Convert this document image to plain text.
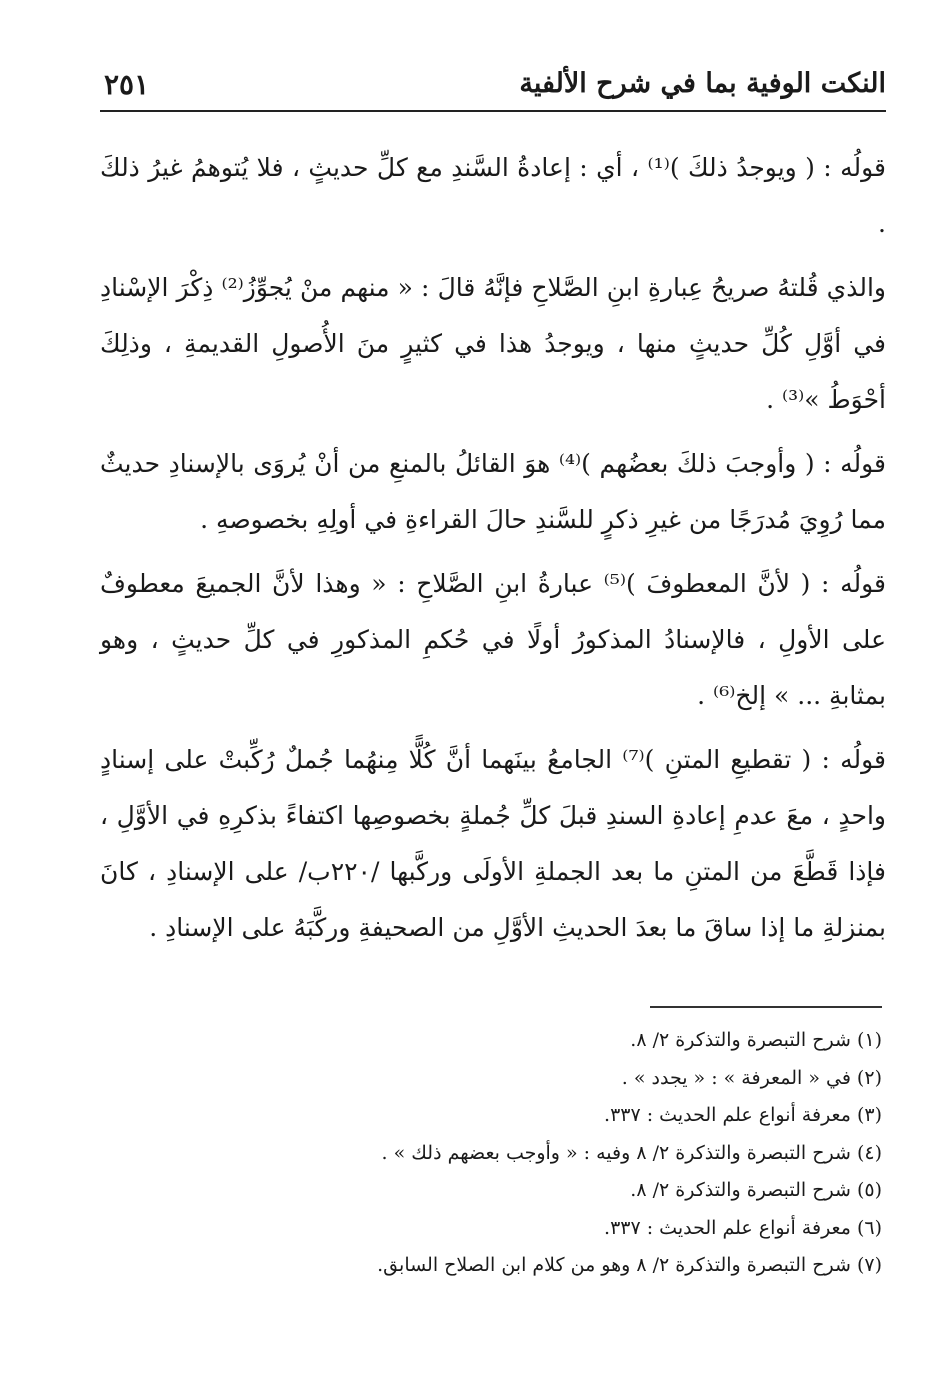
النكت الوفية بما في شرح الألفية
٢٥١

قولُه : ( ويوجدُ ذلكَ )⁽¹⁾ ، أي : إعادةُ السَّندِ مع كلِّ حديثٍ ، فلا يُتوهمُ غيرُ ذلكَ .

والذي قُلتهُ صريحُ عِبارةِ ابنِ الصَّلاحِ فإنَّهُ قالَ : « منهم منْ يُجوِّزُ⁽²⁾ ذِكْرَ الإسْنادِ في أوَّلِ كُلِّ حديثٍ منها ، ويوجدُ هذا في كثيرٍ منَ الأُصولِ القديمةِ ، وذلِكَ أحْوَطُ »⁽³⁾ .

قولُه : ( وأوجبَ ذلكَ بعضُهم )⁽⁴⁾ هوَ القائلُ بالمنعِ من أنْ يُروَى بالإسنادِ حديثٌ مما رُوِيَ مُدرَجًا من غيرِ ذكرٍ للسَّندِ حالَ القراءةِ في أولِهِ بخصوصهِ .

قولُه : ( لأنَّ المعطوفَ )⁽⁵⁾ عبارةُ ابنِ الصَّلاحِ : « وهذا لأنَّ الجميعَ معطوفٌ على الأولِ ، فالإسنادُ المذكورُ أولًا في حُكمِ المذكورِ في كلِّ حديثٍ ، وهو بمثابةِ ... » إلخ⁽⁶⁾ .

قولُه : ( تقطيعِ المتنِ )⁽⁷⁾ الجامعُ بينَهما أنَّ كُلًّا مِنهُما جُملٌ رُكِّبتْ على إسنادٍ واحدٍ ، معَ عدمِ إعادةِ السندِ قبلَ كلِّ جُملةٍ بخصوصِها اكتفاءً بذكرِهِ في الأوَّلِ ، فإذا قَطَّعَ من المتنِ ما بعد الجملةِ الأولَى وركَّبها /٢٢٠ب/ على الإسنادِ ، كانَ بمنزلةِ ما إذا ساقَ ما بعدَ الحديثِ الأوَّلِ من الصحيفةِ وركَّبَهُ على الإسنادِ .

(١) شرح التبصرة والتذكرة ٢/ ٨.

(٢) في « المعرفة » : « يجدد » .

(٣) معرفة أنواع علم الحديث : ٣٣٧.

(٤) شرح التبصرة والتذكرة ٢/ ٨ وفيه : « وأوجب بعضهم ذلك » .

(٥) شرح التبصرة والتذكرة ٢/ ٨.

(٦) معرفة أنواع علم الحديث : ٣٣٧.

(٧) شرح التبصرة والتذكرة ٢/ ٨ وهو من كلام ابن الصلاح السابق.
